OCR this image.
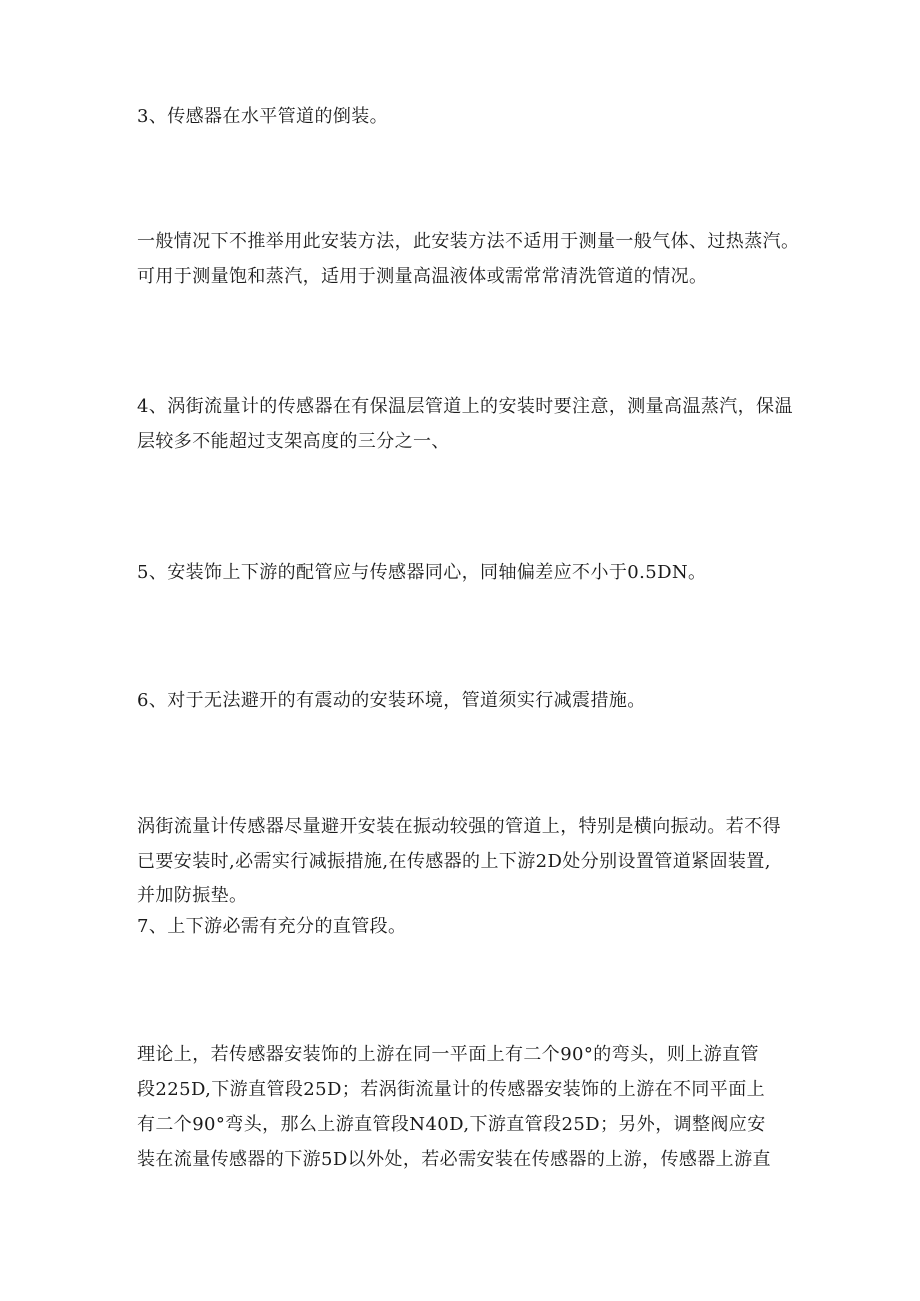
3、传感器在水平管道的倒装。
一般情况下不推举用此安装方法，此安装方法不适用于测量一般气体、过热蒸汽。
可用于测量饱和蒸汽，适用于测量高温液体或需常常清洗管道的情况。
4、涡街流量计的传感器在有保温层管道上的安装时要注意，测量高温蒸汽，保温
层较多不能超过支架高度的三分之一、
5、安装饰上下游的配管应与传感器同心，同轴偏差应不小于0.5DN。
6、对于无法避开的有震动的安装环境，管道须实行减震措施。
涡街流量计传感器尽量避开安装在振动较强的管道上，特别是横向振动。若不得
已要安装时,必需实行减振措施,在传感器的上下游2D处分别设置管道紧固装置,
并加防振垫。
7、上下游必需有充分的直管段。
理论上，若传感器安装饰的上游在同一平面上有二个90°的弯头，则上游直管
段225D,下游直管段25D；若涡街流量计的传感器安装饰的上游在不同平面上
有二个90°弯头，那么上游直管段N40D,下游直管段25D；另外，调整阀应安
装在流量传感器的下游5D以外处，若必需安装在传感器的上游，传感器上游直
